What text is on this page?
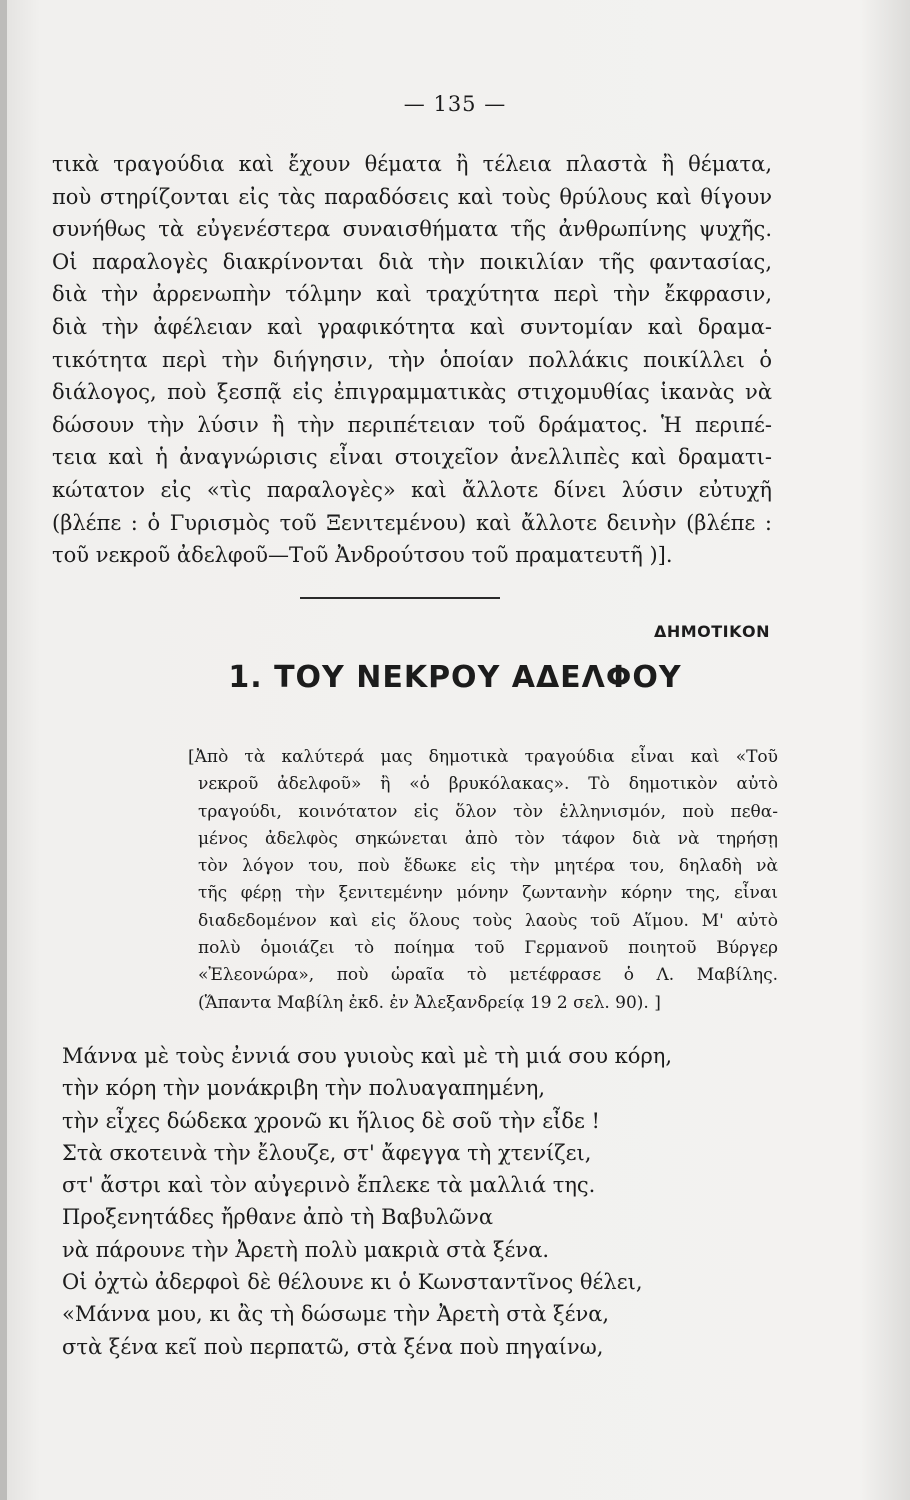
— 135 —
τικὰ τραγούδια καὶ ἔχουν θέματα ἢ τέλεια πλαστὰ ἢ θέματα,
ποὺ στηρίζονται εἰς τὰς παραδόσεις καὶ τοὺς θρύλους καὶ θίγουν
συνήθως τὰ εὐγενέστερα συναισθήματα τῆς ἀνθρωπίνης ψυχῆς.
Οἱ παραλογὲς διακρίνονται διὰ τὴν ποικιλίαν τῆς φαντασίας,
διὰ τὴν ἀρρενωπὴν τόλμην καὶ τραχύτητα περὶ τὴν ἔκφρασιν,
διὰ τὴν ἀφέλειαν καὶ γραφικότητα καὶ συντομίαν καὶ δραμα-
τικότητα περὶ τὴν διήγησιν, τὴν ὁποίαν πολλάκις ποικίλλει ὁ
διάλογος, ποὺ ξεσπᾷ εἰς ἐπιγραμματικὰς στιχομυθίας ἱκανὰς νὰ
δώσουν τὴν λύσιν ἢ τὴν περιπέτειαν τοῦ δράματος. Ἡ περιπέ-
τεια καὶ ἡ ἀναγνώρισις εἶναι στοιχεῖον ἀνελλιπὲς καὶ δραματι-
κώτατον εἰς «τὶς παραλογὲς» καὶ ἄλλοτε δίνει λύσιν εὐτυχῆ
(βλέπε : ὁ Γυρισμὸς τοῦ Ξενιτεμένου) καὶ ἄλλοτε δεινὴν (βλέπε :
τοῦ νεκροῦ ἀδελφοῦ—Τοῦ Ἀνδρούτσου τοῦ πραματευτῆ )].
ΔΗΜΟΤΙΚΟΝ
1. ΤΟΥ ΝΕΚΡΟΥ ΑΔΕΛΦΟΥ
[Ἀπὸ τὰ καλύτερά μας δημοτικὰ τραγούδια εἶναι καὶ «Τοῦ
νεκροῦ ἀδελφοῦ» ἢ «ὁ βρυκόλακας». Τὸ δημοτικὸν αὐτὸ
τραγούδι, κοινότατον εἰς ὅλον τὸν ἑλληνισμόν, ποὺ πεθα-
μένος ἀδελφὸς σηκώνεται ἀπὸ τὸν τάφον διὰ νὰ τηρήσῃ
τὸν λόγον του, ποὺ ἔδωκε εἰς τὴν μητέρα του, δηλαδὴ νὰ
τῆς φέρῃ τὴν ξενιτεμένην μόνην ζωντανὴν κόρην της, εἶναι
διαδεδομένον καὶ εἰς ὅλους τοὺς λαοὺς τοῦ Αἵμου. Μ' αὐτὸ
πολὺ ὁμοιάζει τὸ ποίημα τοῦ Γερμανοῦ ποιητοῦ Βύργερ
«Ἐλεονώρα», ποὺ ὡραῖα τὸ μετέφρασε ὁ Λ. Μαβίλης.
(Ἅπαντα Μαβίλη ἐκδ. ἐν Ἀλεξανδρείᾳ 19 2 σελ. 90). ]
Μάννα μὲ τοὺς ἐννιά σου γυιοὺς καὶ μὲ τὴ μιά σου κόρη,
τὴν κόρη τὴν μονάκριβη τὴν πολυαγαπημένη,
τὴν εἶχες δώδεκα χρονῶ κι ἥλιος δὲ σοῦ τὴν εἶδε !
Στὰ σκοτεινὰ τὴν ἔλουζε, στ' ἄφεγγα τὴ χτενίζει,
στ' ἄστρι καὶ τὸν αὐγερινὸ ἔπλεκε τὰ μαλλιά της.
Προξενητάδες ἤρθανε ἀπὸ τὴ Βαβυλῶνα
νὰ πάρουνε τὴν Ἀρετὴ πολὺ μακριὰ στὰ ξένα.
Οἱ ὀχτὼ ἀδερφοὶ δὲ θέλουνε κι ὁ Κωνσταντῖνος θέλει,
«Μάννα μου, κι ἂς τὴ δώσωμε τὴν Ἀρετὴ στὰ ξένα,
στὰ ξένα κεῖ ποὺ περπατῶ, στὰ ξένα ποὺ πηγαίνω,
